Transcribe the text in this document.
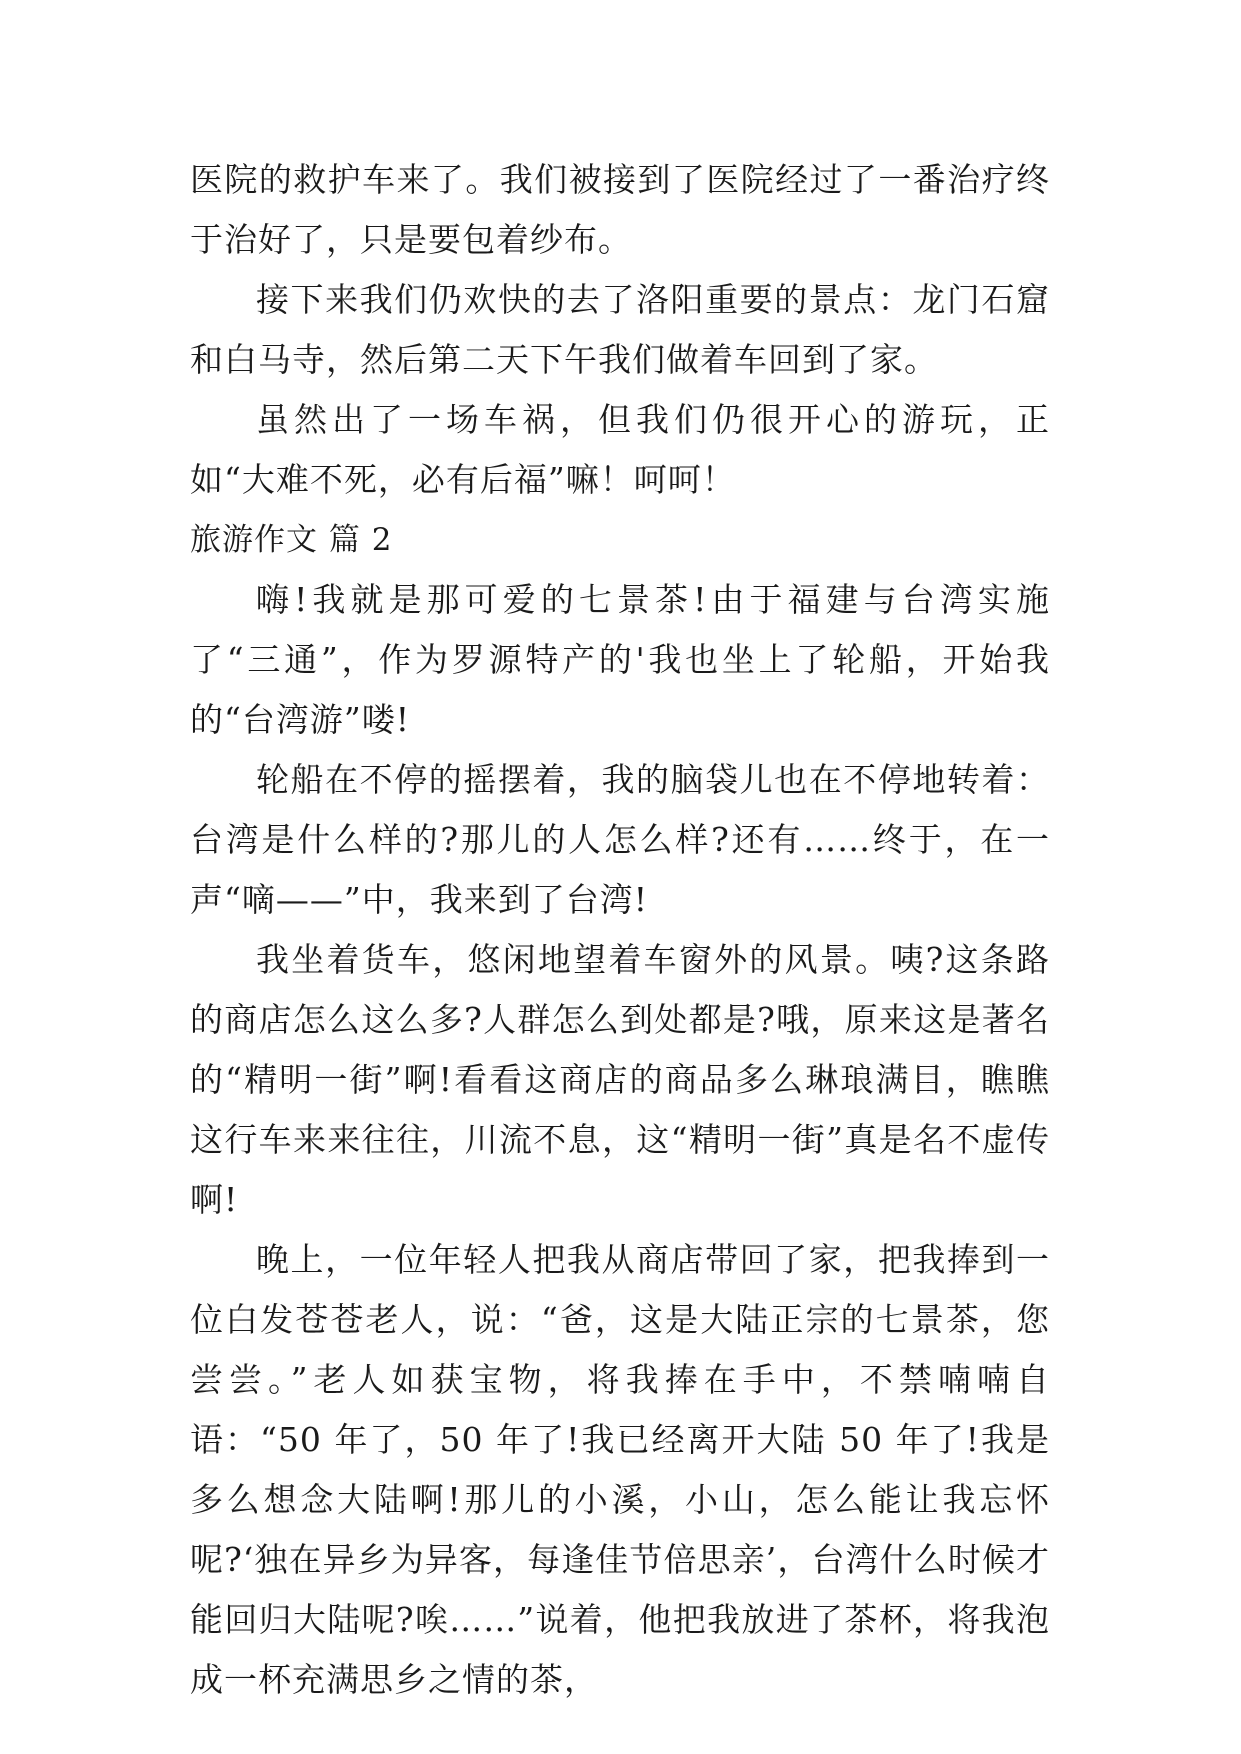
医院的救护车来了。我们被接到了医院经过了一番治疗终于治好了，只是要包着纱布。

接下来我们仍欢快的去了洛阳重要的景点：龙门石窟和白马寺，然后第二天下午我们做着车回到了家。

虽然出了一场车祸，但我们仍很开心的游玩，正如“大难不死，必有后福”嘛！呵呵！

旅游作文 篇 2

嗨!我就是那可爱的七景茶!由于福建与台湾实施了“三通”，作为罗源特产的'我也坐上了轮船，开始我的“台湾游”喽!

轮船在不停的摇摆着，我的脑袋儿也在不停地转着：台湾是什么样的?那儿的人怎么样?还有……终于，在一声“嘀——”中，我来到了台湾!

我坐着货车，悠闲地望着车窗外的风景。咦?这条路的商店怎么这么多?人群怎么到处都是?哦，原来这是著名的“精明一街”啊!看看这商店的商品多么琳琅满目，瞧瞧这行车来来往往，川流不息，这“精明一街”真是名不虚传啊!

晚上，一位年轻人把我从商店带回了家，把我捧到一位白发苍苍老人，说：“爸，这是大陆正宗的七景茶，您尝尝。”老人如获宝物，将我捧在手中，不禁喃喃自语：“50 年了，50 年了!我已经离开大陆 50 年了!我是多么想念大陆啊!那儿的小溪，小山，怎么能让我忘怀呢?‘独在异乡为异客，每逢佳节倍思亲’，台湾什么时候才能回归大陆呢?唉……”说着，他把我放进了茶杯，将我泡成一杯充满思乡之情的茶，
